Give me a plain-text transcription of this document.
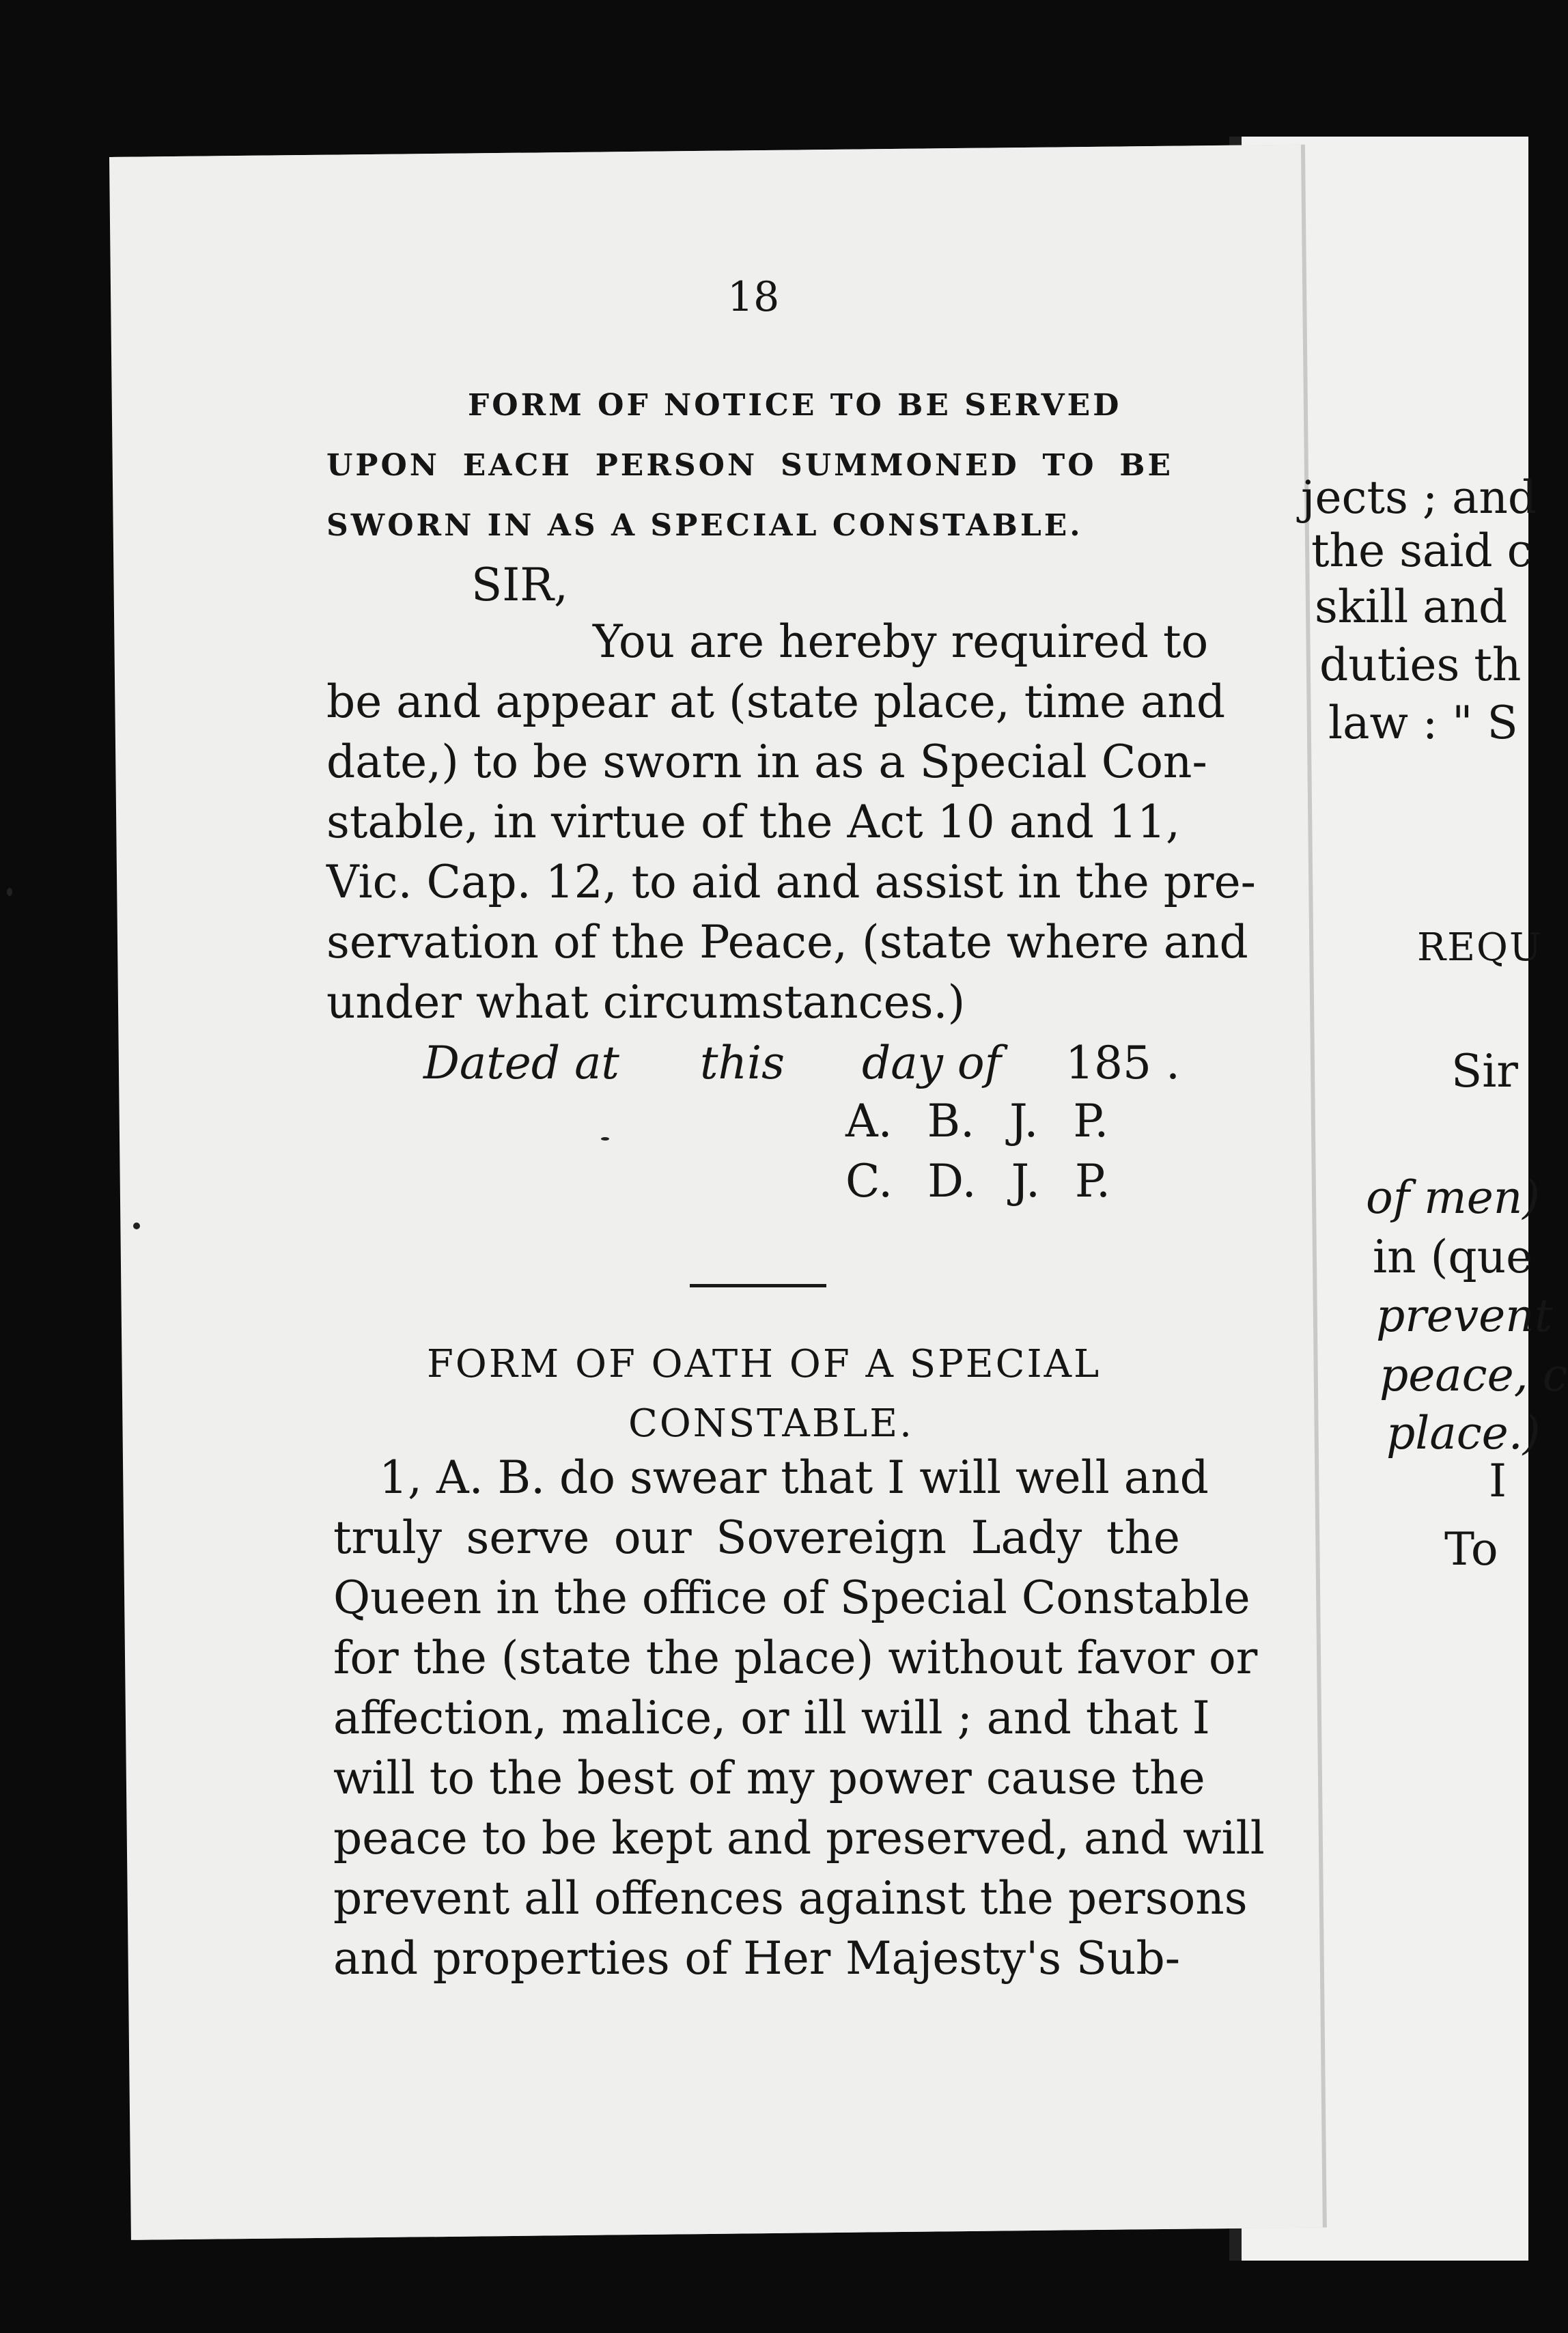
18
FORM OF NOTICE TO BE SERVED
UPON EACH PERSON SUMMONED TO BE
SWORN IN AS A SPECIAL CONSTABLE.
SIR,
You are hereby required to
be and appear at (state place, time and
date,) to be sworn in as a Special Con-
stable, in virtue of the Act 10 and 11,
Vic. Cap. 12, to aid and assist in the pre-
servation of the Peace, (state where and
under what circumstances.)
Dated at this day of 185 .
A. B. J. P.
C. D. J. P.
FORM OF OATH OF A SPECIAL
CONSTABLE.
1, A. B. do swear that I will well and
truly serve our Sovereign Lady the
Queen in the office of Special Constable
for the (state the place) without favor or
affection, malice, or ill will ; and that I
will to the best of my power cause the
peace to be kept and preserved, and will
prevent all offences against the persons
and properties of Her Majesty's Sub-
jects ; and
the said c
skill and
duties th
law : " S
REQU
Sir
of men)
in (que
prevent
peace, c
place.)
I
To
